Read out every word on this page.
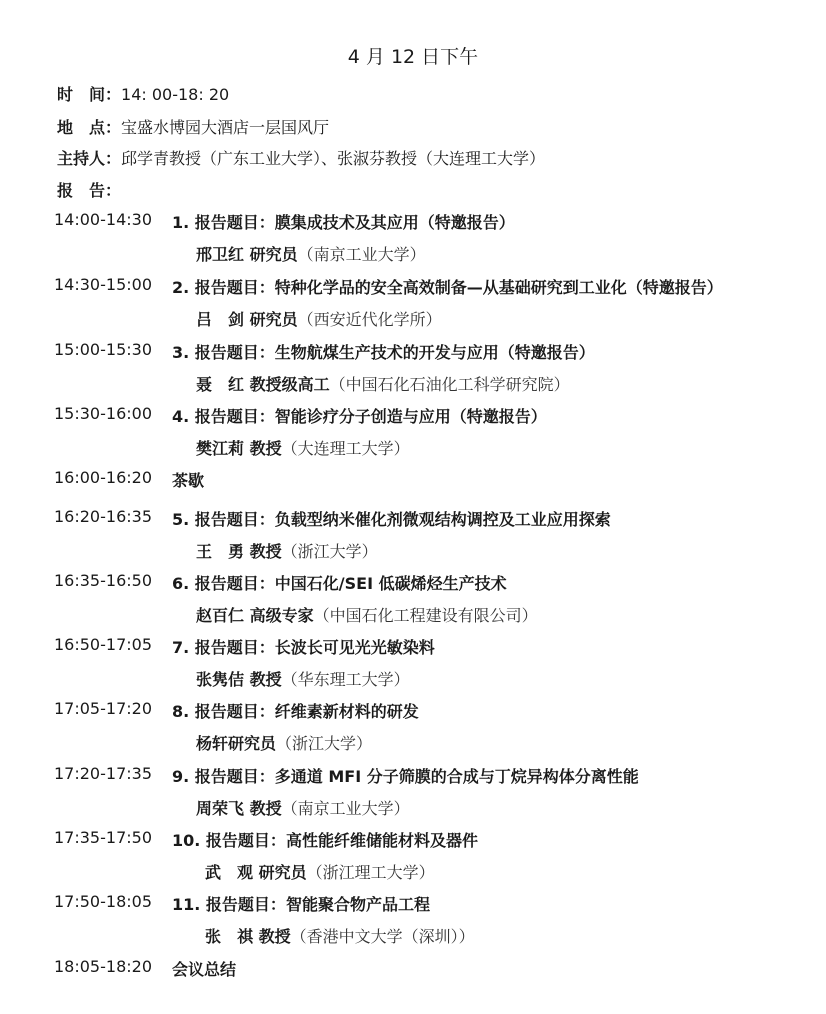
4 月 12 日下午
时　间：14: 00-18: 20
地　点：宝盛水博园大酒店一层国风厅
主持人：邱学青教授（广东工业大学）、张淑芬教授（大连理工大学）
报　告：
14:00-14:30 1. 报告题目：膜集成技术及其应用（特邀报告）
邢卫红 研究员（南京工业大学）
14:30-15:00 2. 报告题目：特种化学品的安全高效制备—从基础研究到工业化（特邀报告）
吕　剑 研究员（西安近代化学所）
15:00-15:30 3. 报告题目：生物航煤生产技术的开发与应用（特邀报告）
聂　红 教授级高工（中国石化石油化工科学研究院）
15:30-16:00 4. 报告题目：智能诊疗分子创造与应用（特邀报告）
樊江莉 教授（大连理工大学）
16:00-16:20 茶歇
16:20-16:35 5. 报告题目：负载型纳米催化剂微观结构调控及工业应用探索
王　勇 教授（浙江大学）
16:35-16:50 6. 报告题目：中国石化/SEI 低碳烯烃生产技术
赵百仁 高级专家（中国石化工程建设有限公司）
16:50-17:05 7. 报告题目：长波长可见光光敏染料
张隽佶 教授（华东理工大学）
17:05-17:20 8. 报告题目：纤维素新材料的研发
杨轩研究员（浙江大学）
17:20-17:35 9. 报告题目：多通道 MFI 分子筛膜的合成与丁烷异构体分离性能
周荣飞 教授（南京工业大学）
17:35-17:50 10. 报告题目：高性能纤维储能材料及器件
武　观 研究员（浙江理工大学）
17:50-18:05 11. 报告题目：智能聚合物产品工程
张　祺 教授（香港中文大学（深圳））
18:05-18:20 会议总结
